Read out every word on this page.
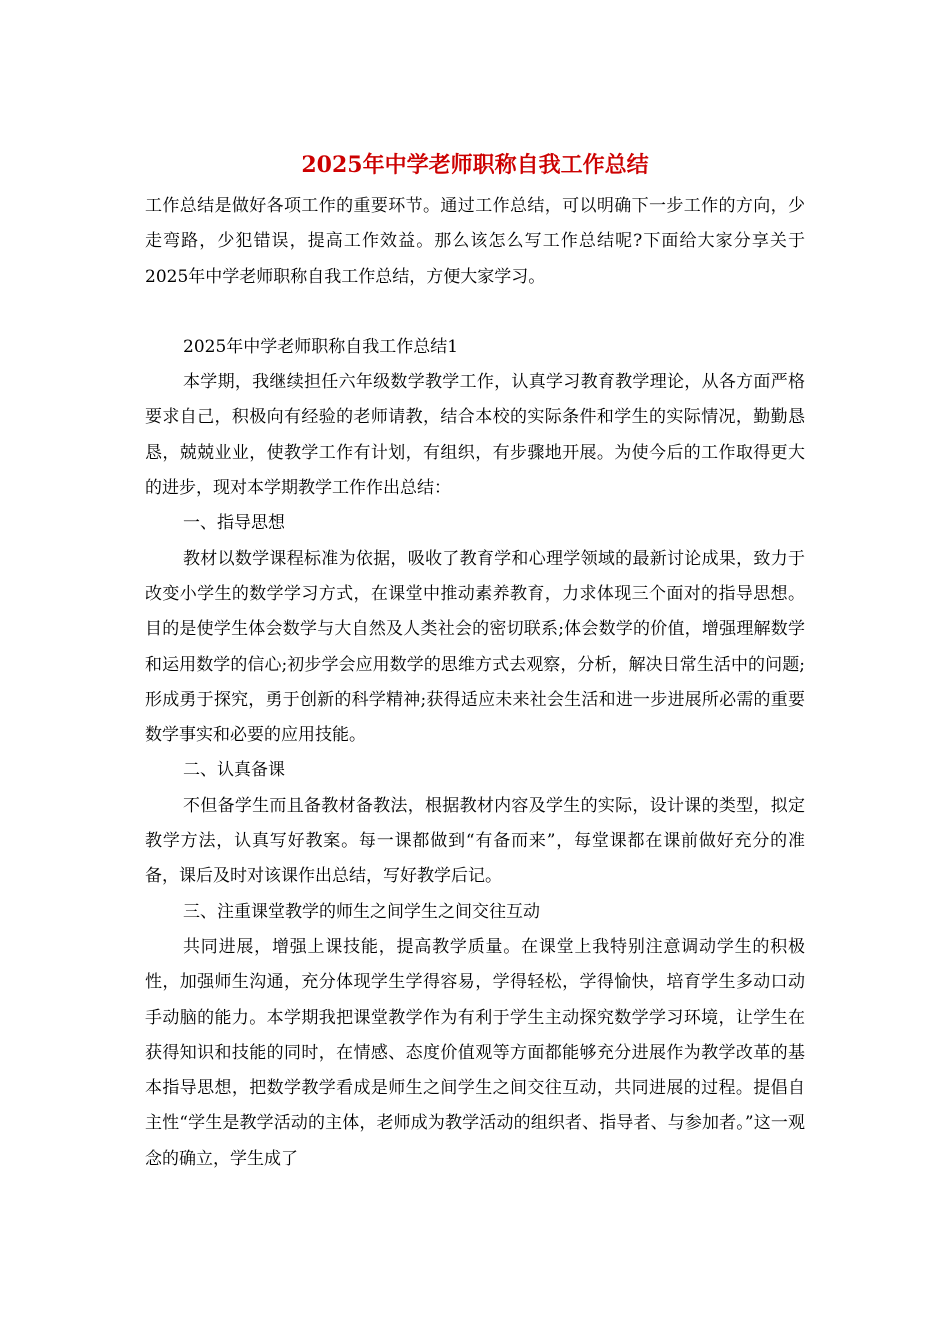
2025年中学老师职称自我工作总结

工作总结是做好各项工作的重要环节。通过工作总结，可以明确下一步工作的方向，少走弯路，少犯错误，提高工作效益。那么该怎么写工作总结呢?下面给大家分享关于2025年中学老师职称自我工作总结，方便大家学习。

2025年中学老师职称自我工作总结1

本学期，我继续担任六年级数学教学工作，认真学习教育教学理论，从各方面严格要求自己，积极向有经验的老师请教，结合本校的实际条件和学生的实际情况，勤勤恳恳，兢兢业业，使教学工作有计划，有组织，有步骤地开展。为使今后的工作取得更大的进步，现对本学期教学工作作出总结：

一、指导思想

教材以数学课程标准为依据，吸收了教育学和心理学领域的最新讨论成果，致力于改变小学生的数学学习方式，在课堂中推动素养教育，力求体现三个面对的指导思想。目的是使学生体会数学与大自然及人类社会的密切联系;体会数学的价值，增强理解数学和运用数学的信心;初步学会应用数学的思维方式去观察，分析，解决日常生活中的问题;形成勇于探究，勇于创新的科学精神;获得适应未来社会生活和进一步进展所必需的重要数学事实和必要的应用技能。

二、认真备课

不但备学生而且备教材备教法，根据教材内容及学生的实际，设计课的类型，拟定教学方法，认真写好教案。每一课都做到“有备而来”，每堂课都在课前做好充分的准备，课后及时对该课作出总结，写好教学后记。

三、注重课堂教学的师生之间学生之间交往互动

共同进展，增强上课技能，提高教学质量。在课堂上我特别注意调动学生的积极性，加强师生沟通，充分体现学生学得容易，学得轻松，学得愉快，培育学生多动口动手动脑的能力。本学期我把课堂教学作为有利于学生主动探究数学学习环境，让学生在获得知识和技能的同时，在情感、态度价值观等方面都能够充分进展作为教学改革的基本指导思想，把数学教学看成是师生之间学生之间交往互动，共同进展的过程。提倡自主性“学生是教学活动的主体，老师成为教学活动的组织者、指导者、与参加者。”这一观念的确立，学生成了
